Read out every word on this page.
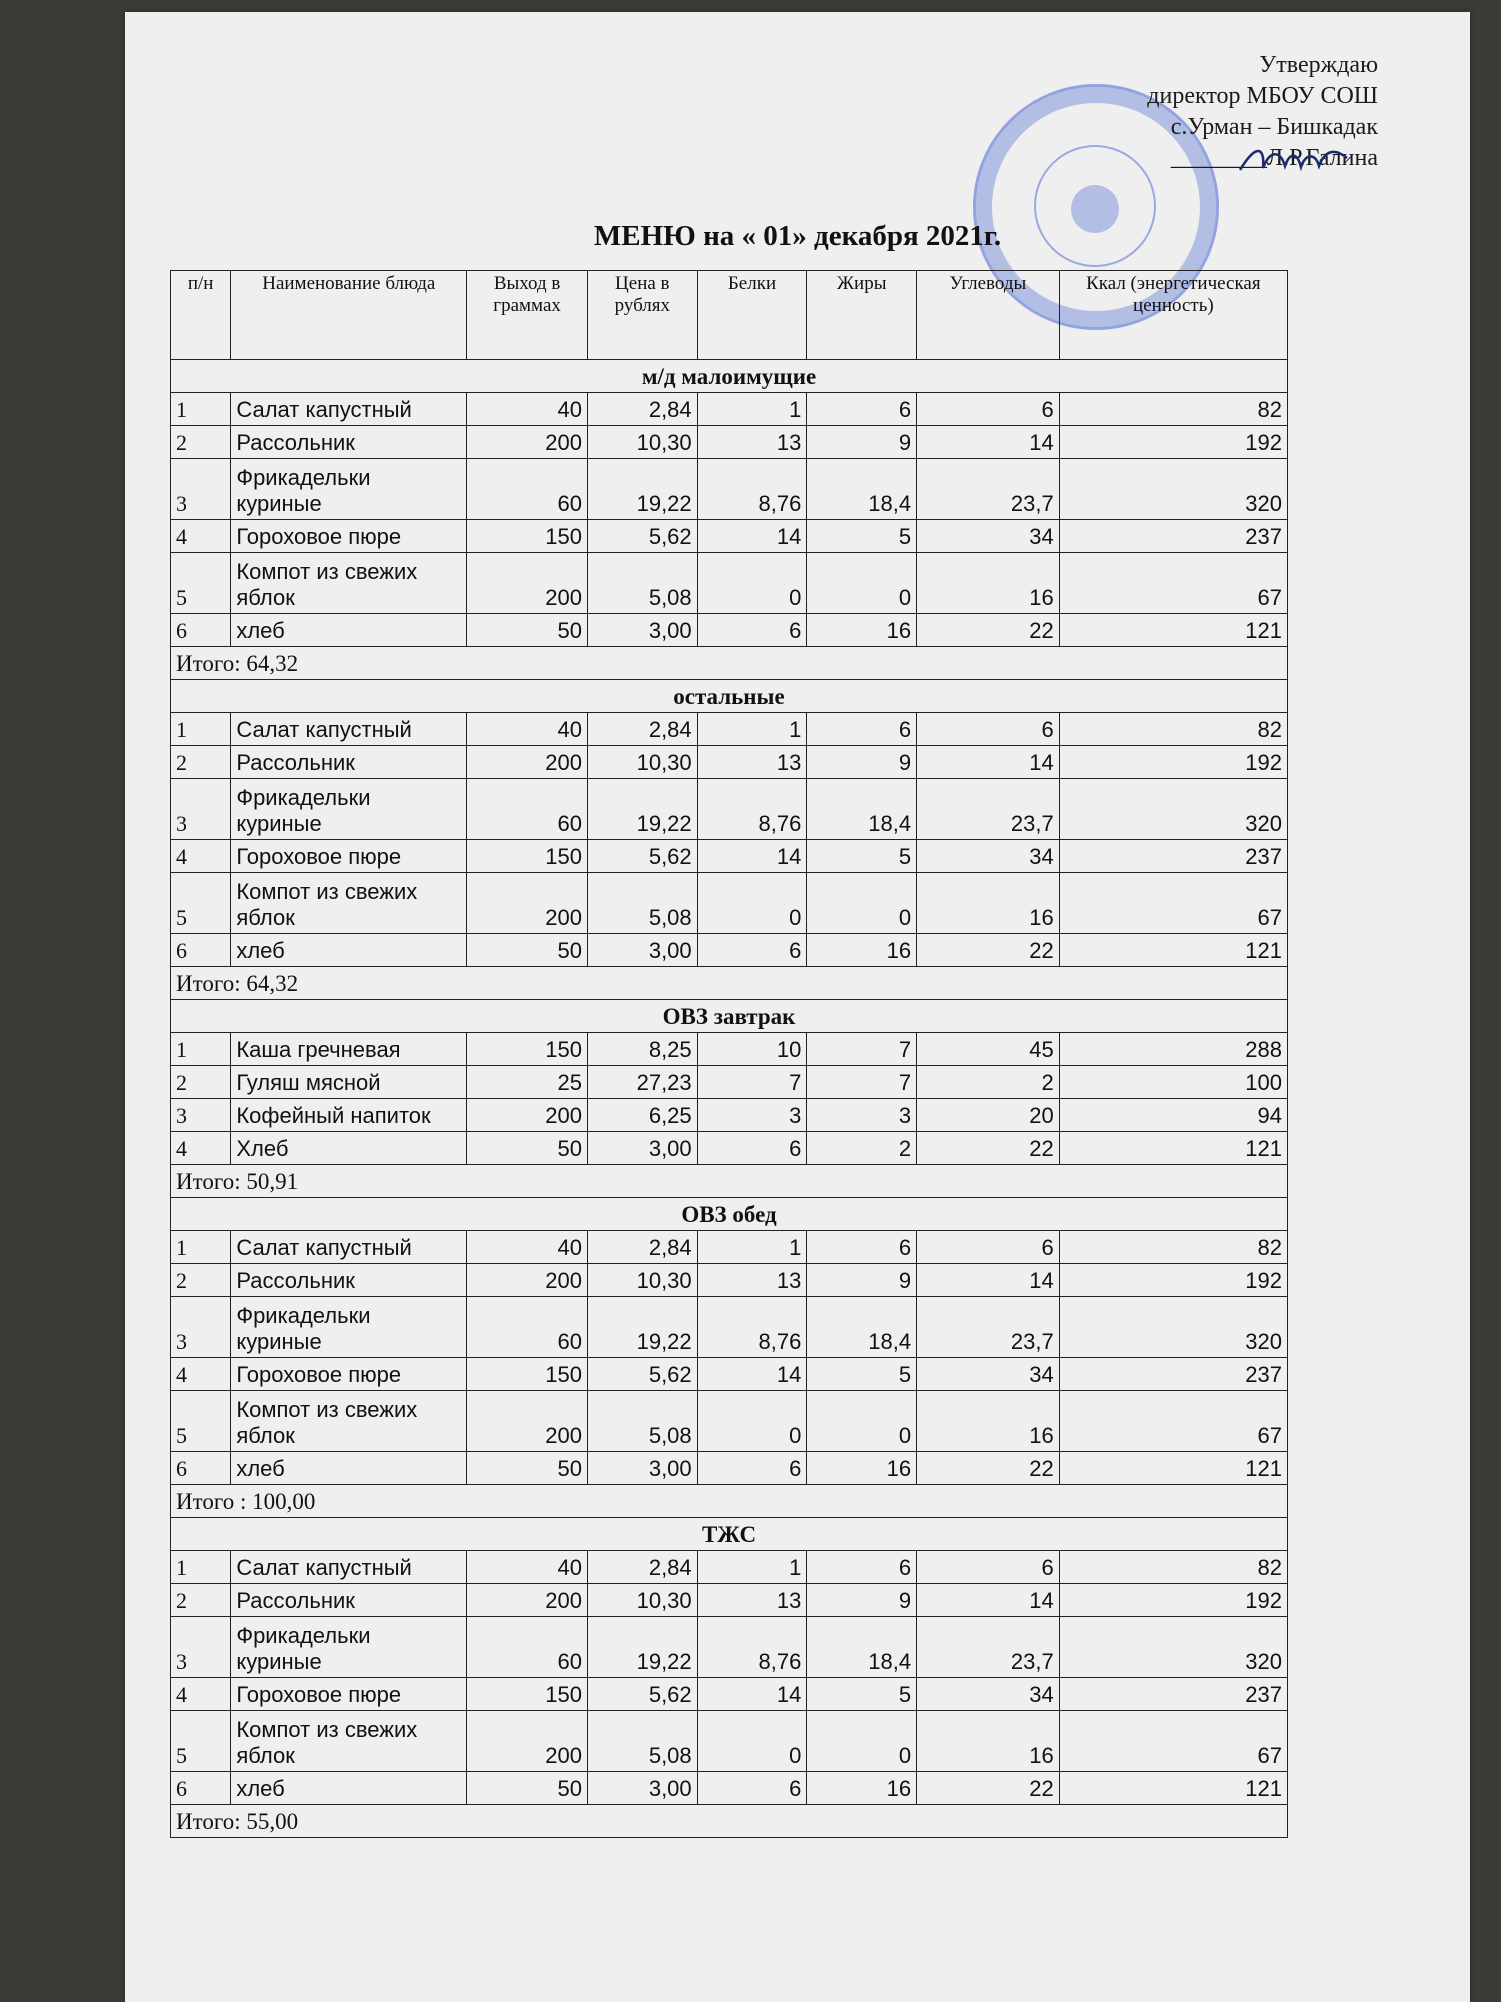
Утверждаю
директор МБОУ СОШ
с.Урман – Бишкадак
________Л.Р.Галина
МЕНЮ на « 01» декабря 2021г.
п/н	Наименование блюда	Выход в граммах	Цена в рублях	Белки	Жиры	Углеводы	Ккал (энергетическая ценность)
м/д малоимущие							
1	Салат капустный	40	2,84	1	6	6	82
2	Рассольник	200	10,30	13	9	14	192
3	Фрикадельки куриные	60	19,22	8,76	18,4	23,7	320
4	Гороховое пюре	150	5,62	14	5	34	237
5	Компот из свежих яблок	200	5,08	0	0	16	67
6	хлеб	50	3,00	6	16	22	121
Итого: 64,32							
остальные							
1	Салат капустный	40	2,84	1	6	6	82
2	Рассольник	200	10,30	13	9	14	192
3	Фрикадельки куриные	60	19,22	8,76	18,4	23,7	320
4	Гороховое пюре	150	5,62	14	5	34	237
5	Компот из свежих яблок	200	5,08	0	0	16	67
6	хлеб	50	3,00	6	16	22	121
Итого: 64,32							
ОВЗ завтрак							
1	Каша гречневая	150	8,25	10	7	45	288
2	Гуляш мясной	25	27,23	7	7	2	100
3	Кофейный напиток	200	6,25	3	3	20	94
4	Хлеб	50	3,00	6	2	22	121
Итого: 50,91							
ОВЗ обед							
1	Салат капустный	40	2,84	1	6	6	82
2	Рассольник	200	10,30	13	9	14	192
3	Фрикадельки куриные	60	19,22	8,76	18,4	23,7	320
4	Гороховое пюре	150	5,62	14	5	34	237
5	Компот из свежих яблок	200	5,08	0	0	16	67
6	хлеб	50	3,00	6	16	22	121
Итого : 100,00							
ТЖС							
1	Салат капустный	40	2,84	1	6	6	82
2	Рассольник	200	10,30	13	9	14	192
3	Фрикадельки куриные	60	19,22	8,76	18,4	23,7	320
4	Гороховое пюре	150	5,62	14	5	34	237
5	Компот из свежих яблок	200	5,08	0	0	16	67
6	хлеб	50	3,00	6	16	22	121
Итого: 55,00							
